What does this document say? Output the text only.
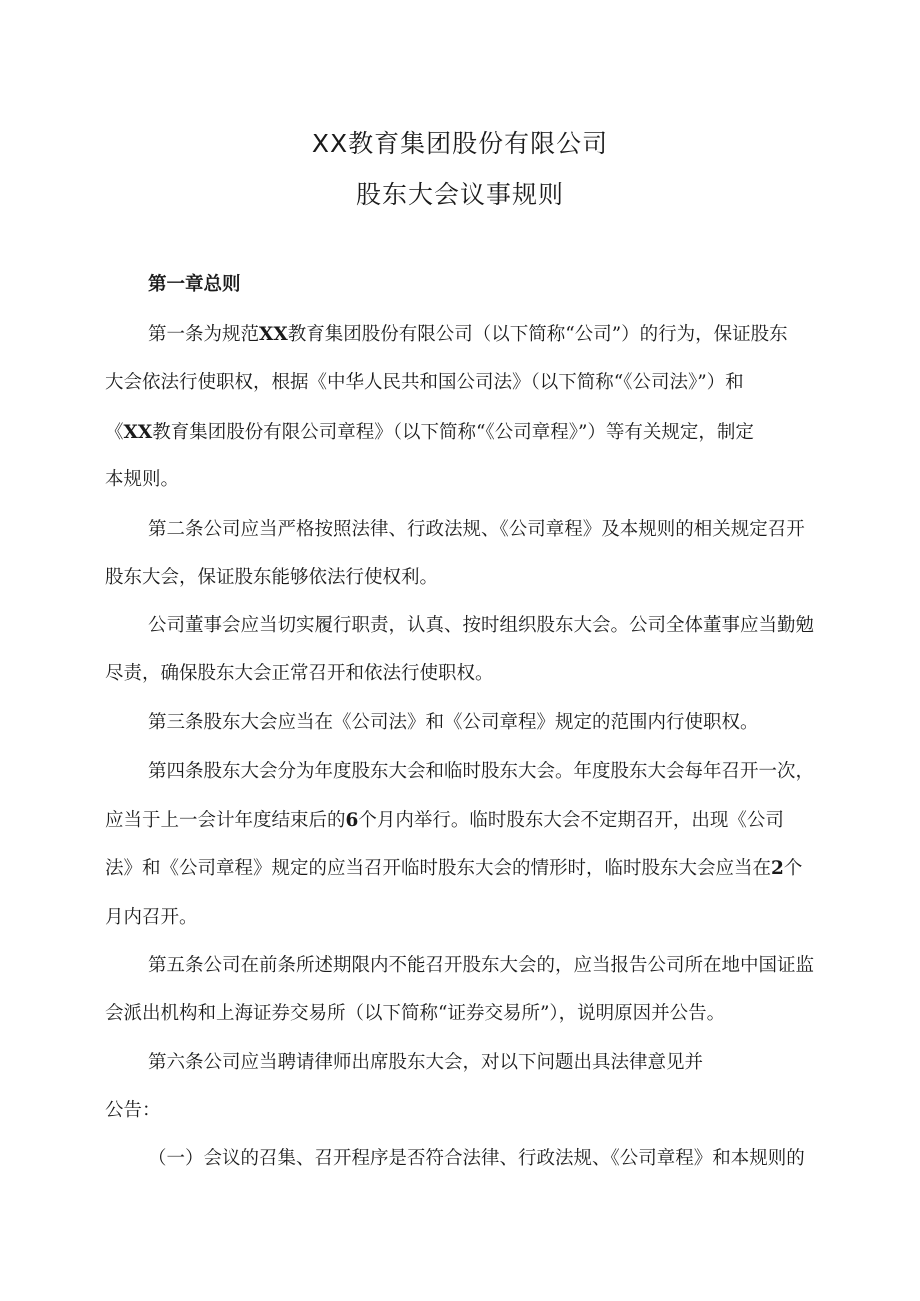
XX教育集团股份有限公司
股东大会议事规则

第一章总则

第一条为规范XX教育集团股份有限公司（以下简称“公司”）的行为，保证股东

大会依法行使职权，根据《中华人民共和国公司法》（以下简称“《公司法》”）和

《XX教育集团股份有限公司章程》（以下简称“《公司章程》”）等有关规定，制定

本规则。

第二条公司应当严格按照法律、行政法规、《公司章程》及本规则的相关规定召开

股东大会，保证股东能够依法行使权利。

公司董事会应当切实履行职责，认真、按时组织股东大会。公司全体董事应当勤勉

尽责，确保股东大会正常召开和依法行使职权。

第三条股东大会应当在《公司法》和《公司章程》规定的范围内行使职权。

第四条股东大会分为年度股东大会和临时股东大会。年度股东大会每年召开一次，

应当于上一会计年度结束后的6个月内举行。临时股东大会不定期召开，出现《公司

法》和《公司章程》规定的应当召开临时股东大会的情形时，临时股东大会应当在2个

月内召开。

第五条公司在前条所述期限内不能召开股东大会的，应当报告公司所在地中国证监

会派出机构和上海证券交易所（以下简称“证券交易所”），说明原因并公告。

第六条公司应当聘请律师出席股东大会，对以下问题出具法律意见并

公告：

（一）会议的召集、召开程序是否符合法律、行政法规、《公司章程》和本规则的
